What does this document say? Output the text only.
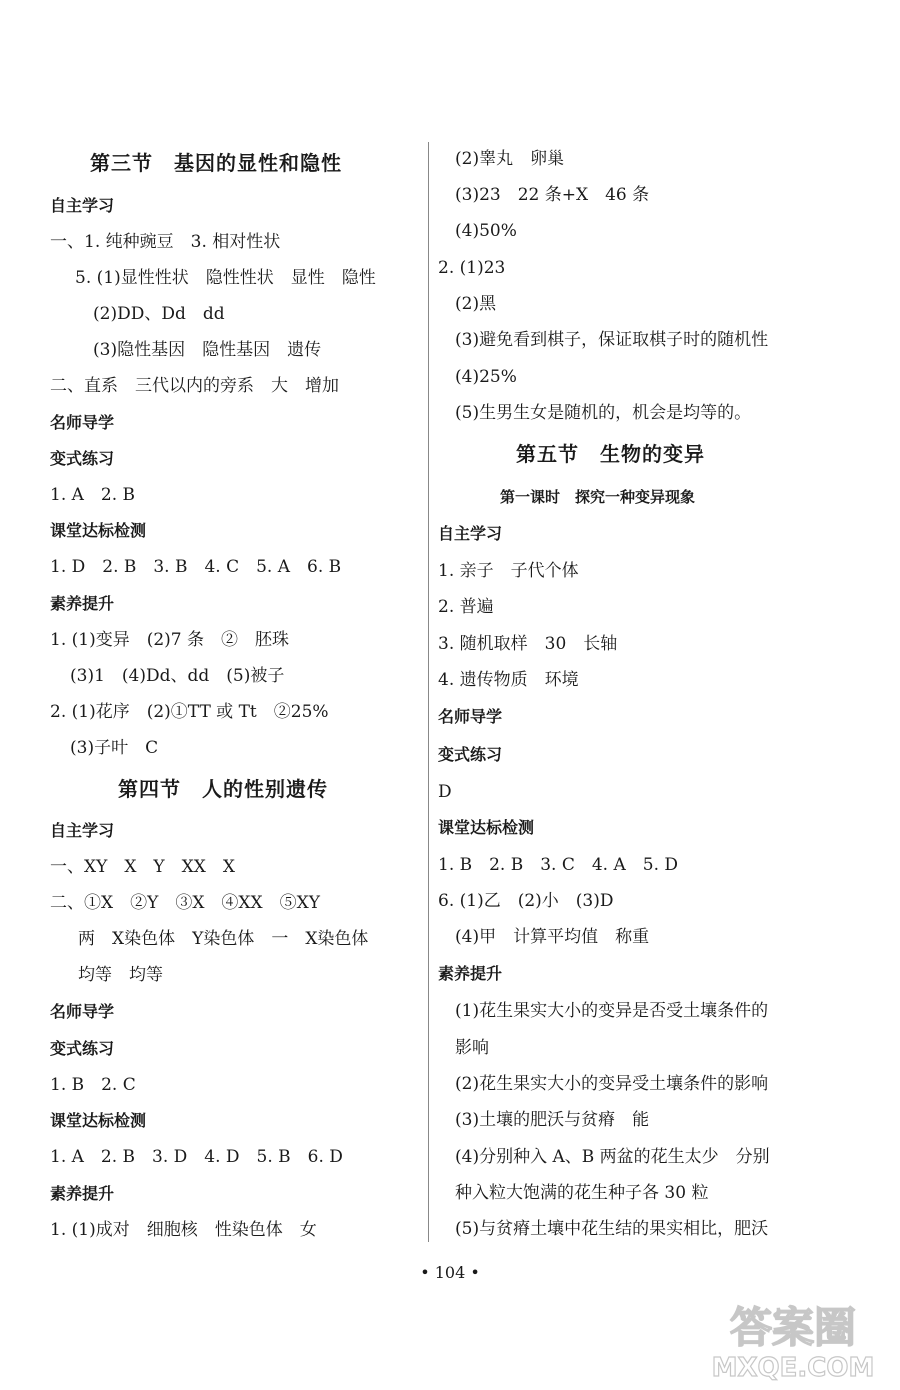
第三节　基因的显性和隐性
自主学习
一、1. 纯种豌豆　3. 相对性状
5. (1)显性性状　隐性性状　显性　隐性
(2)DD、Dd　dd
(3)隐性基因　隐性基因　遗传
二、直系　三代以内的旁系　大　增加
名师导学
变式练习
1. A　2. B
课堂达标检测
1. D　2. B　3. B　4. C　5. A　6. B
素养提升
1. (1)变异　(2)7 条　②　胚珠
(3)1　(4)Dd、dd　(5)被子
2. (1)花序　(2)①TT 或 Tt　②25%
(3)子叶　C
第四节　人的性别遗传
自主学习
一、XY　X　Y　XX　X
二、①X　②Y　③X　④XX　⑤XY
两　X染色体　Y染色体　一　X染色体
均等　均等
名师导学
变式练习
1. B　2. C
课堂达标检测
1. A　2. B　3. D　4. D　5. B　6. D
素养提升
1. (1)成对　细胞核　性染色体　女
(2)睾丸　卵巢
(3)23　22 条+X　46 条
(4)50%
2. (1)23
(2)黑
(3)避免看到棋子，保证取棋子时的随机性
(4)25%
(5)生男生女是随机的，机会是均等的。
第五节　生物的变异
第一课时　探究一种变异现象
自主学习
1. 亲子　子代个体
2. 普遍
3. 随机取样　30　长轴
4. 遗传物质　环境
名师导学
变式练习
D
课堂达标检测
1. B　2. B　3. C　4. A　5. D
6. (1)乙　(2)小　(3)D
(4)甲　计算平均值　称重
素养提升
(1)花生果实大小的变异是否受土壤条件的
影响
(2)花生果实大小的变异受土壤条件的影响
(3)土壤的肥沃与贫瘠　能
(4)分别种入 A、B 两盆的花生太少　分别
种入粒大饱满的花生种子各 30 粒
(5)与贫瘠土壤中花生结的果实相比，肥沃
• 104 •
答案圈
MXQE.COM
